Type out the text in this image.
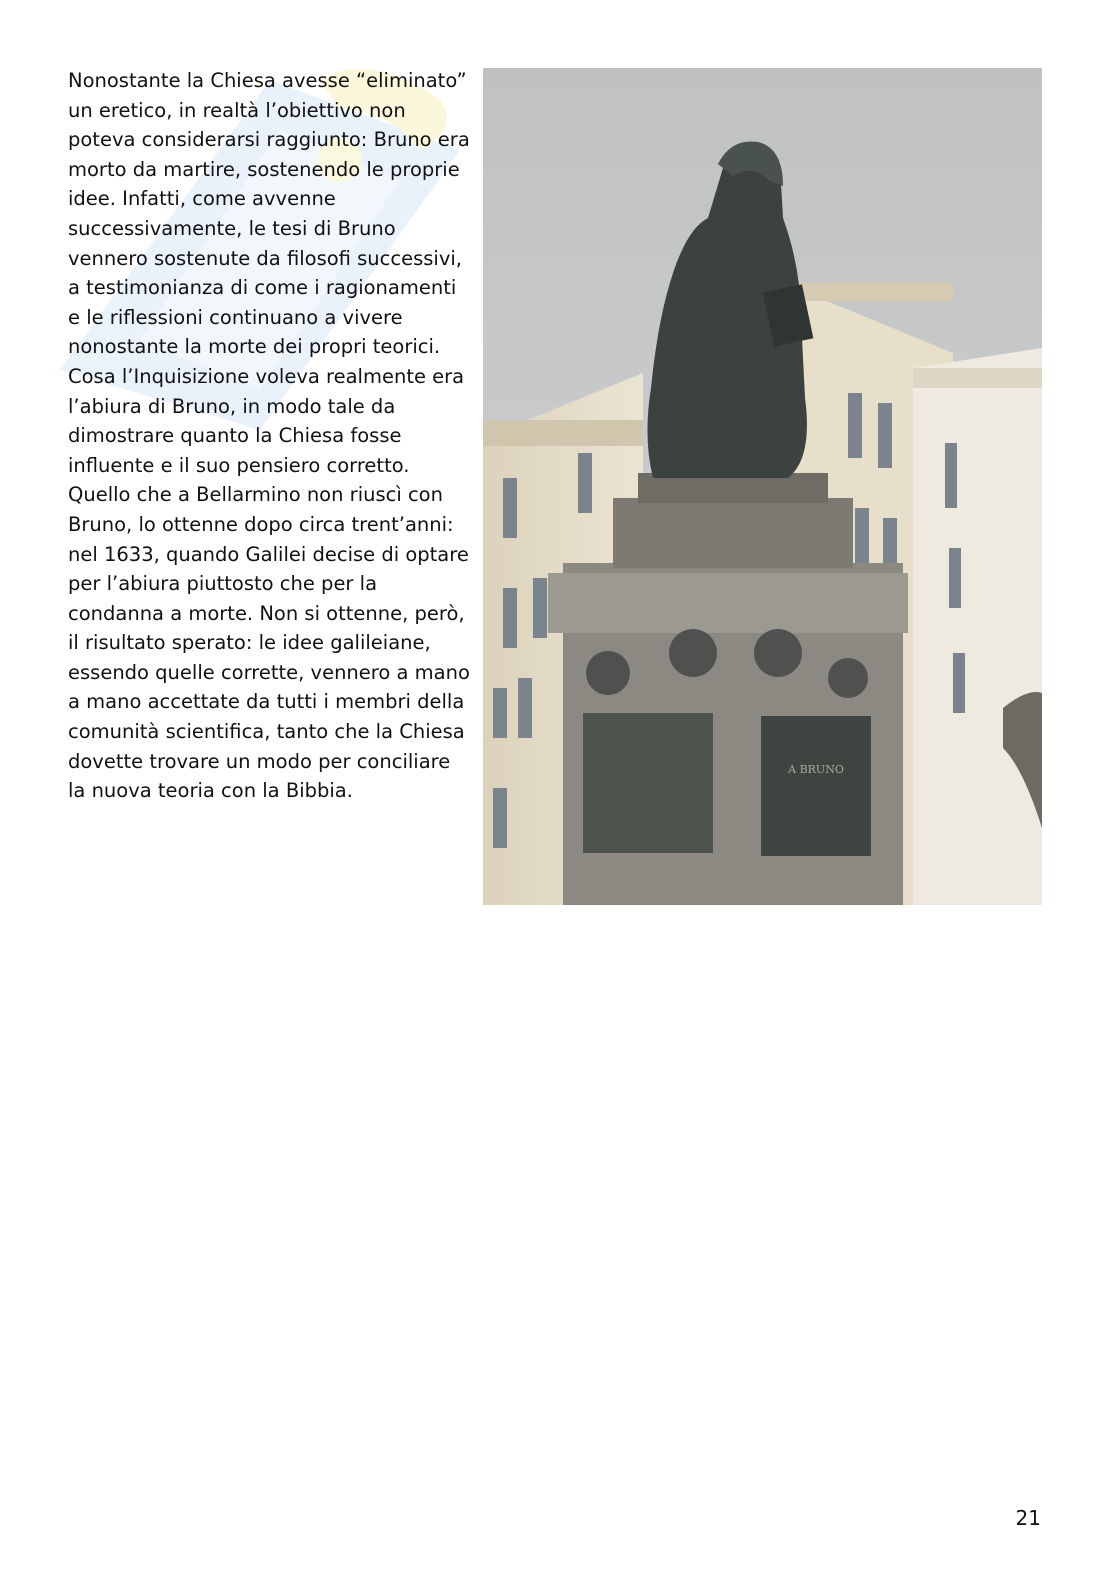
Nonostante la Chiesa avesse “eliminato” un eretico, in realtà l’obiettivo non poteva considerarsi raggiunto: Bruno era morto da martire, sostenendo le proprie idee. Infatti, come avvenne successivamente, le tesi di Bruno vennero sostenute da filosofi successivi, a testimonianza di come i ragionamenti e le riflessioni continuano a vivere nonostante la morte dei propri teorici. Cosa l’Inquisizione voleva realmente era l’abiura di Bruno, in modo tale da dimostrare quanto la Chiesa fosse influente e il suo pensiero corretto. Quello che a Bellarmino non riuscì con Bruno, lo ottenne dopo circa trent’anni: nel 1633, quando Galilei decise di optare per l’abiura piuttosto che per la condanna a morte. Non si ottenne, però, il risultato sperato: le idee galileiane, essendo quelle corrette, vennero a mano a mano accettate da tutti i membri della comunità scientifica, tanto che la Chiesa dovette trovare un modo per conciliare la nuova teoria con la Bibbia.

A BRUNO
21
